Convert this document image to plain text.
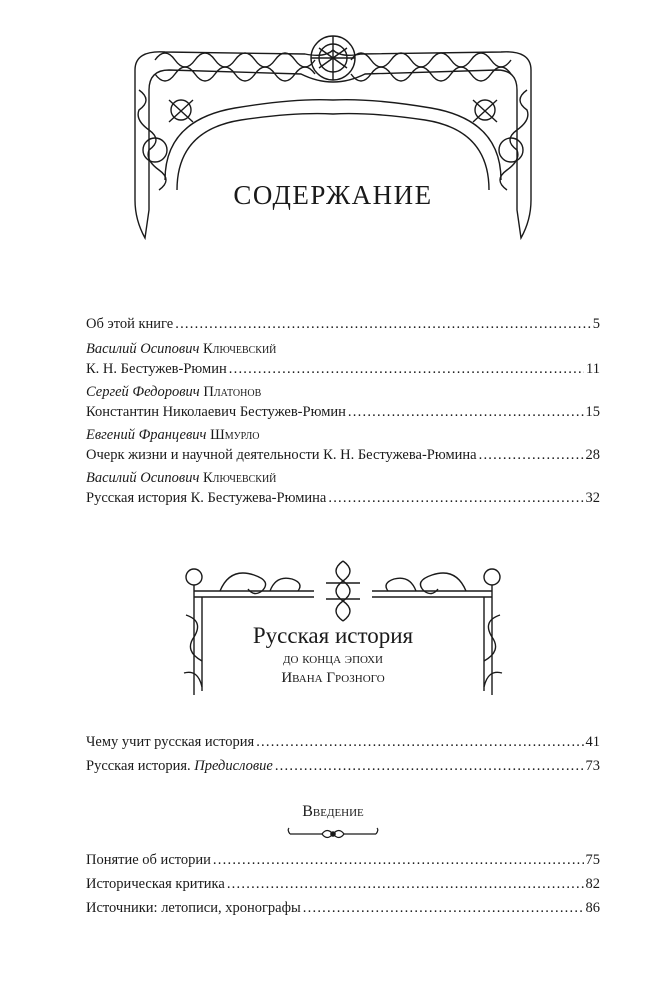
СОДЕРЖАНИЕ
Об этой книге . . .	5
Василий Осипович Ключевский
К. Н. Бестужев-Рюмин . . .	11
Сергей Федорович Платонов
Константин Николаевич Бестужев-Рюмин . . .	15
Евгений Францевич Шмурло
Очерк жизни и научной деятельности К. Н. Бестужева-Рюмина . . .	28
Василий Осипович Ключевский
Русская история К. Бестужева-Рюмина . . .	32
Русская история
до конца эпохи
Ивана Грозного
Чему учит русская история . . .	41
Русская история. Предисловие . . .	73
Введение
Понятие об истории . . .	75
Историческая критика . . .	82
Источники: летописи, хронографы . . .	86
